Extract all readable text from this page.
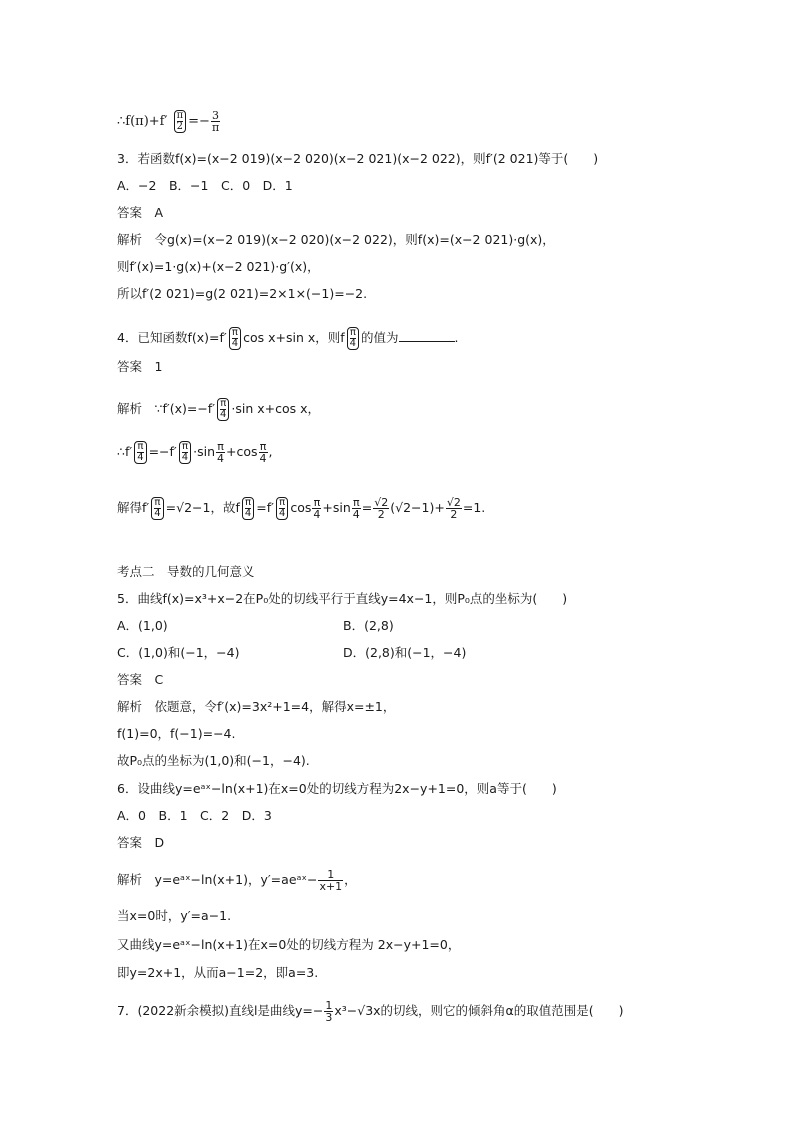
∴f(π)+f′ $\frac{\pi}{2} =- \frac{3}{\pi}$
3．若函数f(x)=(x−2 019)(x−2 020)(x−2 021)(x−2 022)，则f′(2 021)等于(　　)
A．−2　B．−1　C．0　D．1
答案　A
解析　令g(x)=(x−2 019)(x−2 020)(x−2 022)，则f(x)=(x−2 021)·g(x)，
则f′(x)=1·g(x)+(x−2 021)·g′(x)，
所以f′(2 021)=g(2 021)=2×1×(−1)=−2.
4．已知函数$f(x)=f' \frac{\pi}{4}$ cos x+sin x，则f $\frac{\pi}{4}$ 的值为	.
答案　1
解析　∵f′(x)=−f′ $\frac{\pi}{4} \cdot\sin$ x+cos x，
∴f′ $\frac{\pi}{4} =-f' \frac{\pi}{4} \cdot\sin \frac{\pi}{4} +\cos \frac{\pi}{4}$ ,
解得$f' \frac{\pi}{4} =√2-1$，故f $\frac{\pi}{4} =f' \frac{\pi}{4}$ $\cos \frac{\pi}{4} +\sin \frac{\pi}{4} = \frac{√2}{2} (√2-1)+ \frac{√2}{2} =1$.
考点二　导数的几何意义
5．曲线f(x)=x³+x−2在P₀处的切线平行于直线y=4x−1，则P₀点的坐标为(　　)
A．(1,0)	B．(2,8)
C．(1,0)和(−1，−4)	D．(2,8)和(−1，−4)
答案　C
解析　依题意，令f′(x)=3x²+1=4，解得x=±1，
f(1)=0，f(−1)=−4.
故P₀点的坐标为(1,0)和(−1，−4).
6．设曲线y=eᵃˣ−ln(x+1)在x=0处的切线方程为2x−y+1=0，则a等于(　　)
A．0　B．1　C．2　D．3
答案　D
解析　y=eᵃˣ−ln(x+1)，y′=aeᵃˣ− $\frac{1}{x+1}$ ，
当x=0时，y′=a−1.
又曲线y=eᵃˣ−ln(x+1)在x=0处的切线方程为 2x−y+1=0，
即y=2x+1，从而a−1=2，即a=3.
7．(2022新余模拟)直线l是曲线$y=- \frac{1}{3} x^3-√3x$的切线，则它的倾斜角α的取值范围是(　　)
